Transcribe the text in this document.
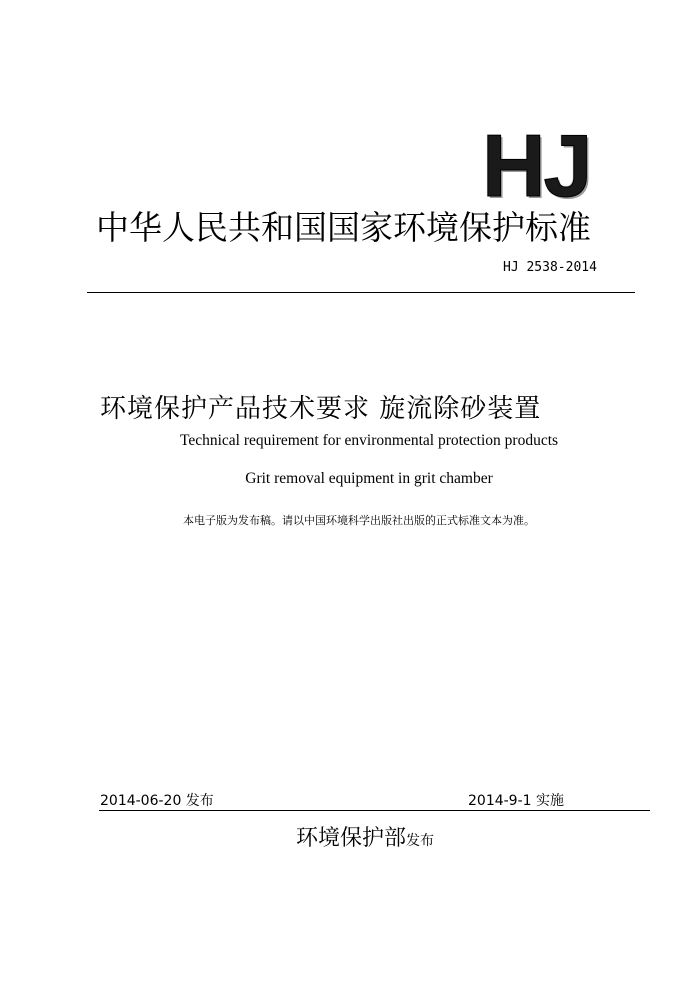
HJ
中华人民共和国国家环境保护标准
HJ 2538-2014
环境保护产品技术要求 旋流除砂装置
Technical requirement for environmental protection products
Grit removal equipment in grit chamber
本电子版为发布稿。请以中国环境科学出版社出版的正式标准文本为准。
2014-06-20 发布	2014-9-1 实施
环境保护部发布
